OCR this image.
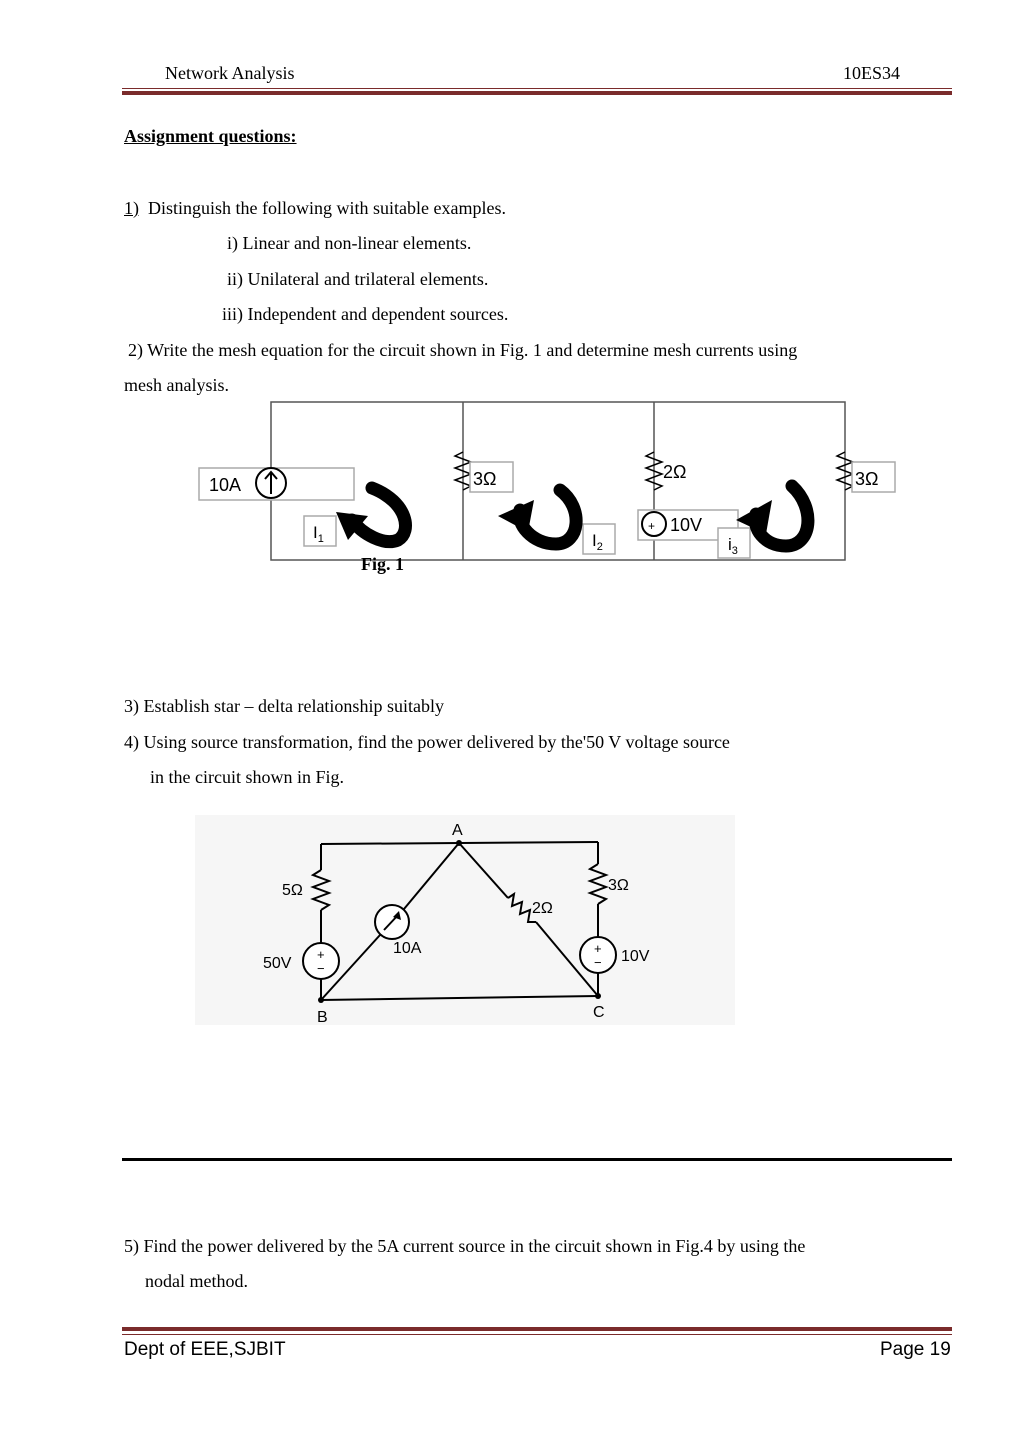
Network Analysis	10ES34
Assignment questions:
1) Distinguish the following with suitable examples.
i) Linear and non-linear elements.
ii) Unilateral and trilateral elements.
iii) Independent and dependent sources.
2) Write the mesh equation for the circuit shown in Fig. 1 and determine mesh currents using
mesh analysis.
10A	3Ω	2Ω	3Ω
+ 10V
$I_1$	$I_2$	$i_3$
Fig. 1
3) Establish star – delta relationship suitably
4) Using source transformation, find the power delivered by the'50 V voltage source
in the circuit shown in Fig.
A
B	C
5Ω
2Ω
3Ω
50V	10V
10A
+
−
+
−
5) Find the power delivered by the 5A current source in the circuit shown in Fig.4 by using the
nodal method.
Dept of EEE,SJBIT	Page 19
